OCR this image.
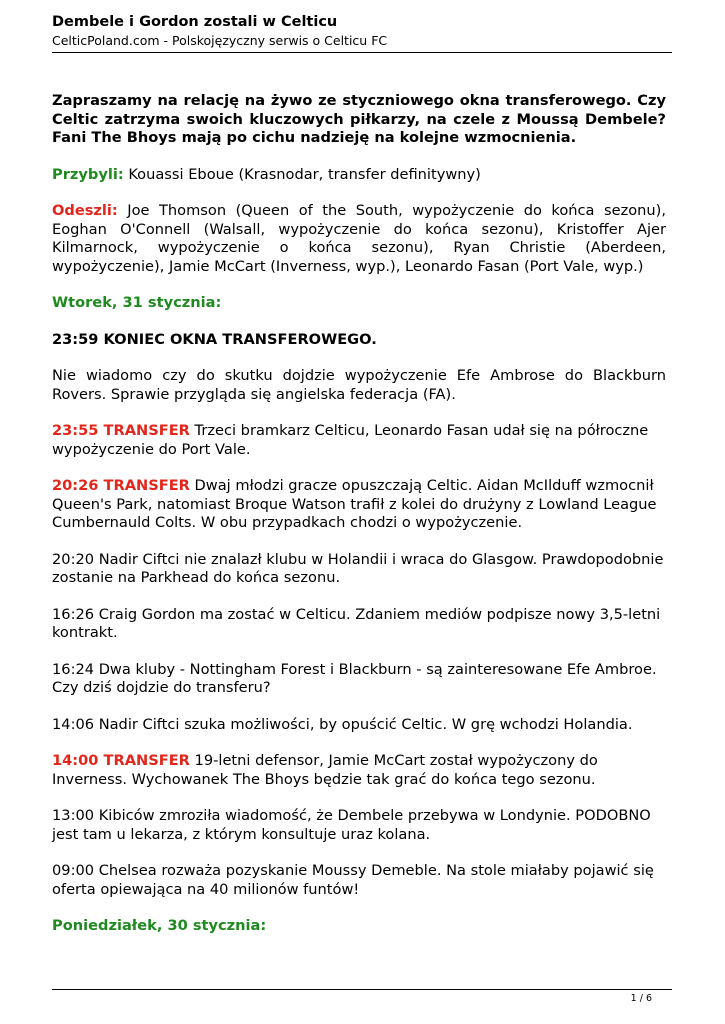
Dembele i Gordon zostali w Celticu
CelticPoland.com - Polskojęzyczny serwis o Celticu FC

Zapraszamy na relację na żywo ze styczniowego okna transferowego. Czy Celtic zatrzyma swoich kluczowych piłkarzy, na czele z Moussą Dembele? Fani The Bhoys mają po cichu nadzieję na kolejne wzmocnienia.

Przybyli: Kouassi Eboue (Krasnodar, transfer definitywny)

Odeszli: Joe Thomson (Queen of the South, wypożyczenie do końca sezonu), Eoghan O'Connell (Walsall, wypożyczenie do końca sezonu), Kristoffer Ajer Kilmarnock, wypożyczenie o końca sezonu), Ryan Christie (Aberdeen, wypożyczenie), Jamie McCart (Inverness, wyp.), Leonardo Fasan (Port Vale, wyp.)

Wtorek, 31 stycznia:

23:59 KONIEC OKNA TRANSFEROWEGO.

Nie wiadomo czy do skutku dojdzie wypożyczenie Efe Ambrose do Blackburn Rovers. Sprawie przygląda się angielska federacja (FA).

23:55 TRANSFER Trzeci bramkarz Celticu, Leonardo Fasan udał się na półroczne wypożyczenie do Port Vale.

20:26 TRANSFER Dwaj młodzi gracze opuszczają Celtic. Aidan McIlduff wzmocnił Queen's Park, natomiast Broque Watson trafił z kolei do drużyny z Lowland League Cumbernauld Colts. W obu przypadkach chodzi o wypożyczenie.

20:20 Nadir Ciftci nie znalazł klubu w Holandii i wraca do Glasgow. Prawdopodobnie zostanie na Parkhead do końca sezonu.

16:26 Craig Gordon ma zostać w Celticu. Zdaniem mediów podpisze nowy 3,5-letni kontrakt.

16:24 Dwa kluby - Nottingham Forest i Blackburn - są zainteresowane Efe Ambroe. Czy dziś dojdzie do transferu?

14:06 Nadir Ciftci szuka możliwości, by opuścić Celtic. W grę wchodzi Holandia.

14:00 TRANSFER 19-letni defensor, Jamie McCart został wypożyczony do Inverness. Wychowanek The Bhoys będzie tak grać do końca tego sezonu.

13:00 Kibiców zmroziła wiadomość, że Dembele przebywa w Londynie. PODOBNO jest tam u lekarza, z którym konsultuje uraz kolana.

09:00 Chelsea rozważa pozyskanie Moussy Demeble. Na stole miałaby pojawić się oferta opiewająca na 40 milionów funtów!

Poniedziałek, 30 stycznia:

1 / 6
